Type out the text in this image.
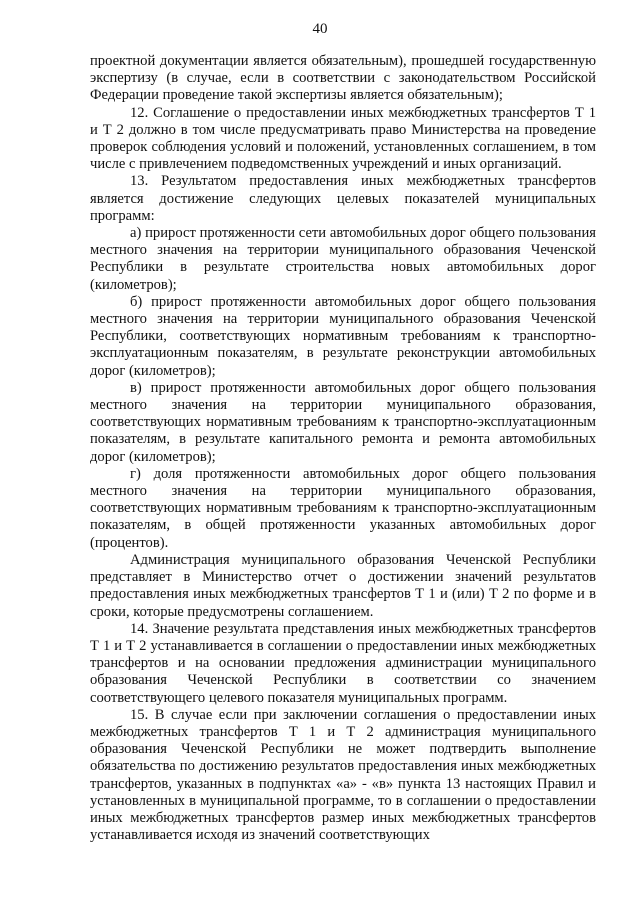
40

проектной документации является обязательным), прошедшей государственную экспертизу (в случае, если в соответствии с законодательством Российской Федерации проведение такой экспертизы является обязательным);

12. Соглашение о предоставлении иных межбюджетных трансфертов Т 1 и Т 2 должно в том числе предусматривать право Министерства на проведение проверок соблюдения условий и положений, установленных соглашением, в том числе с привлечением подведомственных учреждений и иных организаций.

13. Результатом предоставления иных межбюджетных трансфертов является достижение следующих целевых показателей муниципальных программ:

а) прирост протяженности сети автомобильных дорог общего пользования местного значения на территории муниципального образования Чеченской Республики в результате строительства новых автомобильных дорог (километров);

б) прирост протяженности автомобильных дорог общего пользования местного значения на территории муниципального образования Чеченской Республики, соответствующих нормативным требованиям к транспортно-эксплуатационным показателям, в результате реконструкции автомобильных дорог (километров);

в) прирост протяженности автомобильных дорог общего пользования местного значения на территории муниципального образования, соответствующих нормативным требованиям к транспортно-эксплуатационным показателям, в результате капитального ремонта и ремонта автомобильных дорог (километров);

г) доля протяженности автомобильных дорог общего пользования местного значения на территории муниципального образования, соответствующих нормативным требованиям к транспортно-эксплуатационным показателям, в общей протяженности указанных автомобильных дорог (процентов).

Администрация муниципального образования Чеченской Республики представляет в Министерство отчет о достижении значений результатов предоставления иных межбюджетных трансфертов Т 1 и (или) Т 2 по форме и в сроки, которые предусмотрены соглашением.

14. Значение результата представления иных межбюджетных трансфертов Т 1 и Т 2 устанавливается в соглашении о предоставлении иных межбюджетных трансфертов и на основании предложения администрации муниципального образования Чеченской Республики в соответствии со значением соответствующего целевого показателя муниципальных программ.

15. В случае если при заключении соглашения о предоставлении иных межбюджетных трансфертов Т 1 и Т 2 администрация муниципального образования Чеченской Республики не может подтвердить выполнение обязательства по достижению результатов предоставления иных межбюджетных трансфертов, указанных в подпунктах «а» - «в» пункта 13 настоящих Правил и установленных в муниципальной программе, то в соглашении о предоставлении иных межбюджетных трансфертов размер иных межбюджетных трансфертов устанавливается исходя из значений соответствующих
